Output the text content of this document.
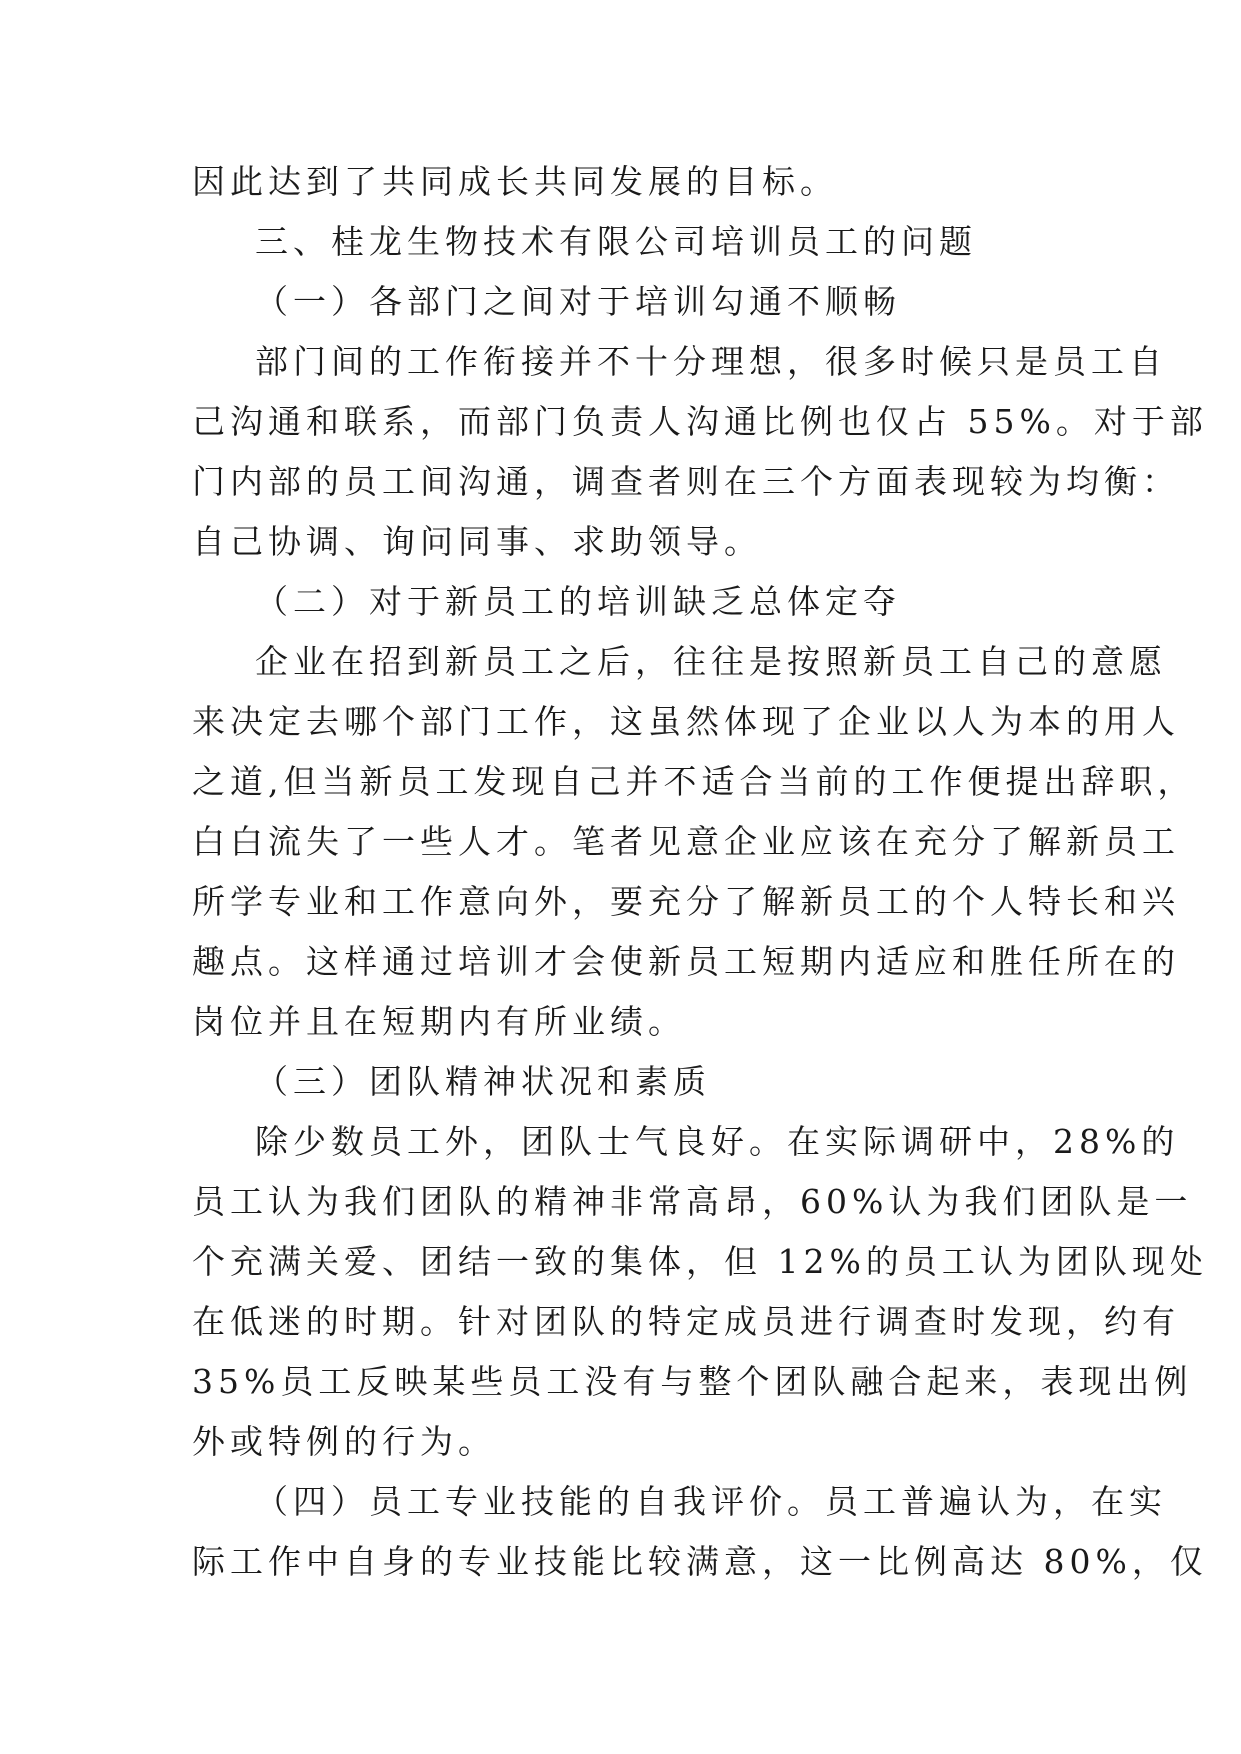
因此达到了共同成长共同发展的目标。
三、桂龙生物技术有限公司培训员工的问题
（一）各部门之间对于培训勾通不顺畅
部门间的工作衔接并不十分理想，很多时候只是员工自
己沟通和联系，而部门负责人沟通比例也仅占 55%。对于部
门内部的员工间沟通，调查者则在三个方面表现较为均衡：
自己协调、询问同事、求助领导。
（二）对于新员工的培训缺乏总体定夺
企业在招到新员工之后，往往是按照新员工自己的意愿
来决定去哪个部门工作，这虽然体现了企业以人为本的用人
之道,但当新员工发现自己并不适合当前的工作便提出辞职，
白白流失了一些人才。笔者见意企业应该在充分了解新员工
所学专业和工作意向外，要充分了解新员工的个人特长和兴
趣点。这样通过培训才会使新员工短期内适应和胜任所在的
岗位并且在短期内有所业绩。
（三）团队精神状况和素质
除少数员工外，团队士气良好。在实际调研中，28%的
员工认为我们团队的精神非常高昂，60%认为我们团队是一
个充满关爱、团结一致的集体，但 12%的员工认为团队现处
在低迷的时期。针对团队的特定成员进行调查时发现，约有
35%员工反映某些员工没有与整个团队融合起来，表现出例
外或特例的行为。
（四）员工专业技能的自我评价。员工普遍认为，在实
际工作中自身的专业技能比较满意，这一比例高达 80%，仅
